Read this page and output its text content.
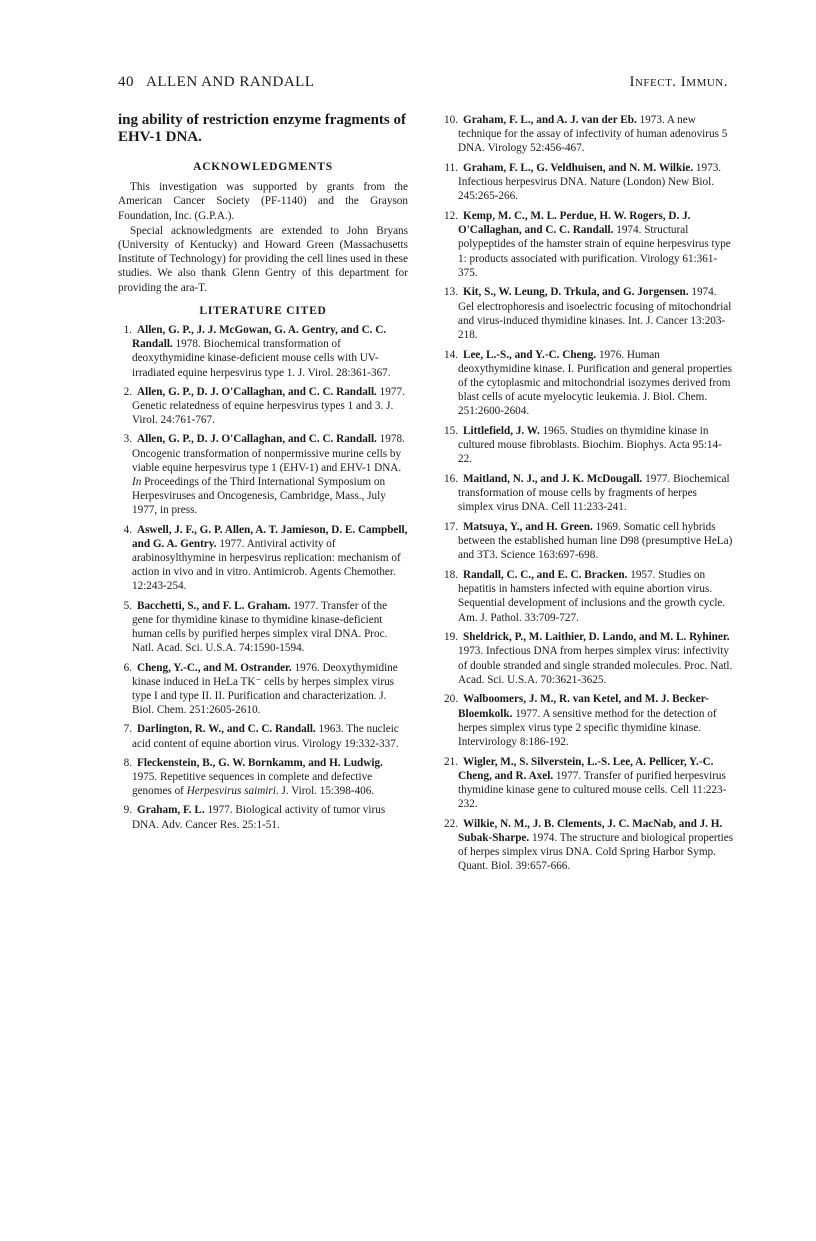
40 ALLEN AND RANDALL	Infect. Immun.

ing ability of restriction enzyme fragments of EHV-1 DNA.

ACKNOWLEDGMENTS

This investigation was supported by grants from the American Cancer Society (PF-1140) and the Grayson Foundation, Inc. (G.P.A.).

Special acknowledgments are extended to John Bryans (University of Kentucky) and Howard Green (Massachusetts Institute of Technology) for providing the cell lines used in these studies. We also thank Glenn Gentry of this department for providing the ara-T.

LITERATURE CITED
1. Allen, G. P., J. J. McGowan, G. A. Gentry, and C. C. Randall. 1978. Biochemical transformation of deoxythymidine kinase-deficient mouse cells with UV-irradiated equine herpesvirus type 1. J. Virol. 28:361-367.
2. Allen, G. P., D. J. O'Callaghan, and C. C. Randall. 1977. Genetic relatedness of equine herpesvirus types 1 and 3. J. Virol. 24:761-767.
3. Allen, G. P., D. J. O'Callaghan, and C. C. Randall. 1978. Oncogenic transformation of nonpermissive murine cells by viable equine herpesvirus type 1 (EHV-1) and EHV-1 DNA. In Proceedings of the Third International Symposium on Herpesviruses and Oncogenesis, Cambridge, Mass., July 1977, in press.
4. Aswell, J. F., G. P. Allen, A. T. Jamieson, D. E. Campbell, and G. A. Gentry. 1977. Antiviral activity of arabinosylthymine in herpesvirus replication: mechanism of action in vivo and in vitro. Antimicrob. Agents Chemother. 12:243-254.
5. Bacchetti, S., and F. L. Graham. 1977. Transfer of the gene for thymidine kinase to thymidine kinase-deficient human cells by purified herpes simplex viral DNA. Proc. Natl. Acad. Sci. U.S.A. 74:1590-1594.
6. Cheng, Y.-C., and M. Ostrander. 1976. Deoxythymidine kinase induced in HeLa TK⁻ cells by herpes simplex virus type I and type II. II. Purification and characterization. J. Biol. Chem. 251:2605-2610.
7. Darlington, R. W., and C. C. Randall. 1963. The nucleic acid content of equine abortion virus. Virology 19:332-337.
8. Fleckenstein, B., G. W. Bornkamm, and H. Ludwig. 1975. Repetitive sequences in complete and defective genomes of Herpesvirus saimiri. J. Virol. 15:398-406.
9. Graham, F. L. 1977. Biological activity of tumor virus DNA. Adv. Cancer Res. 25:1-51.
10. Graham, F. L., and A. J. van der Eb. 1973. A new technique for the assay of infectivity of human adenovirus 5 DNA. Virology 52:456-467.
11. Graham, F. L., G. Veldhuisen, and N. M. Wilkie. 1973. Infectious herpesvirus DNA. Nature (London) New Biol. 245:265-266.
12. Kemp, M. C., M. L. Perdue, H. W. Rogers, D. J. O'Callaghan, and C. C. Randall. 1974. Structural polypeptides of the hamster strain of equine herpesvirus type 1: products associated with purification. Virology 61:361-375.
13. Kit, S., W. Leung, D. Trkula, and G. Jorgensen. 1974. Gel electrophoresis and isoelectric focusing of mitochondrial and virus-induced thymidine kinases. Int. J. Cancer 13:203-218.
14. Lee, L.-S., and Y.-C. Cheng. 1976. Human deoxythymidine kinase. I. Purification and general properties of the cytoplasmic and mitochondrial isozymes derived from blast cells of acute myelocytic leukemia. J. Biol. Chem. 251:2600-2604.
15. Littlefield, J. W. 1965. Studies on thymidine kinase in cultured mouse fibroblasts. Biochim. Biophys. Acta 95:14-22.
16. Maitland, N. J., and J. K. McDougall. 1977. Biochemical transformation of mouse cells by fragments of herpes simplex virus DNA. Cell 11:233-241.
17. Matsuya, Y., and H. Green. 1969. Somatic cell hybrids between the established human line D98 (presumptive HeLa) and 3T3. Science 163:697-698.
18. Randall, C. C., and E. C. Bracken. 1957. Studies on hepatitis in hamsters infected with equine abortion virus. Sequential development of inclusions and the growth cycle. Am. J. Pathol. 33:709-727.
19. Sheldrick, P., M. Laithier, D. Lando, and M. L. Ryhiner. 1973. Infectious DNA from herpes simplex virus: infectivity of double stranded and single stranded molecules. Proc. Natl. Acad. Sci. U.S.A. 70:3621-3625.
20. Walboomers, J. M., R. van Ketel, and M. J. Becker-Bloemkolk. 1977. A sensitive method for the detection of herpes simplex virus type 2 specific thymidine kinase. Intervirology 8:186-192.
21. Wigler, M., S. Silverstein, L.-S. Lee, A. Pellicer, Y.-C. Cheng, and R. Axel. 1977. Transfer of purified herpesvirus thymidine kinase gene to cultured mouse cells. Cell 11:223-232.
22. Wilkie, N. M., J. B. Clements, J. C. MacNab, and J. H. Subak-Sharpe. 1974. The structure and biological properties of herpes simplex virus DNA. Cold Spring Harbor Symp. Quant. Biol. 39:657-666.
